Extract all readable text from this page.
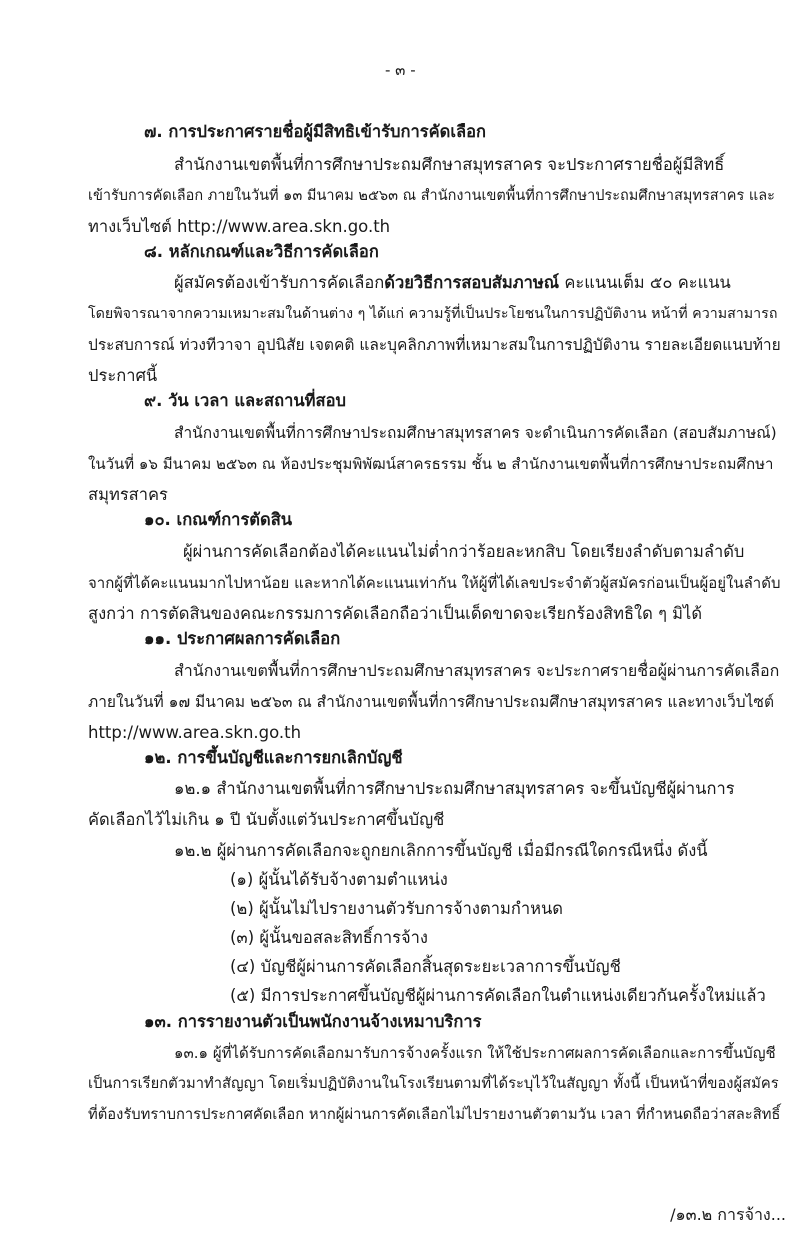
- ๓ -
๗. การประกาศรายชื่อผู้มีสิทธิเข้ารับการคัดเลือก
สำนักงานเขตพื้นที่การศึกษาประถมศึกษาสมุทรสาคร จะประกาศรายชื่อผู้มีสิทธิ์
เข้ารับการคัดเลือก ภายในวันที่ ๑๓ มีนาคม ๒๕๖๓ ณ สำนักงานเขตพื้นที่การศึกษาประถมศึกษาสมุทรสาคร และ
ทางเว็บไซต์ http://www.area.skn.go.th
๘. หลักเกณฑ์และวิธีการคัดเลือก
ผู้สมัครต้องเข้ารับการคัดเลือกด้วยวิธีการสอบสัมภาษณ์ คะแนนเต็ม ๕๐ คะแนน
โดยพิจารณาจากความเหมาะสมในด้านต่าง ๆ ได้แก่ ความรู้ที่เป็นประโยชนในการปฏิบัติงาน หน้าที่ ความสามารถ
ประสบการณ์ ท่วงทีวาจา อุปนิสัย เจตคติ และบุคลิกภาพที่เหมาะสมในการปฏิบัติงาน รายละเอียดแนบท้าย
ประกาศนี้
๙. วัน เวลา และสถานที่สอบ
สำนักงานเขตพื้นที่การศึกษาประถมศึกษาสมุทรสาคร จะดำเนินการคัดเลือก (สอบสัมภาษณ์)
ในวันที่ ๑๖ มีนาคม ๒๕๖๓ ณ ห้องประชุมพิพัฒน์สาครธรรม ชั้น ๒ สำนักงานเขตพื้นที่การศึกษาประถมศึกษา
สมุทรสาคร
๑๐. เกณฑ์การตัดสิน
ผู้ผ่านการคัดเลือกต้องได้คะแนนไม่ต่ำกว่าร้อยละหกสิบ โดยเรียงลำดับตามลำดับ
จากผู้ที่ได้คะแนนมากไปหาน้อย และหากได้คะแนนเท่ากัน ให้ผู้ที่ได้เลขประจำตัวผู้สมัครก่อนเป็นผู้อยู่ในลำดับ
สูงกว่า การตัดสินของคณะกรรมการคัดเลือกถือว่าเป็นเด็ดขาดจะเรียกร้องสิทธิใด ๆ มิได้
๑๑. ประกาศผลการคัดเลือก
สำนักงานเขตพื้นที่การศึกษาประถมศึกษาสมุทรสาคร จะประกาศรายชื่อผู้ผ่านการคัดเลือก
ภายในวันที่ ๑๗ มีนาคม ๒๕๖๓ ณ สำนักงานเขตพื้นที่การศึกษาประถมศึกษาสมุทรสาคร และทางเว็บไซต์
http://www.area.skn.go.th
๑๒. การขึ้นบัญชีและการยกเลิกบัญชี
๑๒.๑ สำนักงานเขตพื้นที่การศึกษาประถมศึกษาสมุทรสาคร จะขึ้นบัญชีผู้ผ่านการ
คัดเลือกไว้ไม่เกิน ๑ ปี นับตั้งแต่วันประกาศขึ้นบัญชี
๑๒.๒ ผู้ผ่านการคัดเลือกจะถูกยกเลิกการขึ้นบัญชี เมื่อมีกรณีใดกรณีหนึ่ง ดังนี้
(๑) ผู้นั้นได้รับจ้างตามตำแหน่ง
(๒) ผู้นั้นไม่ไปรายงานตัวรับการจ้างตามกำหนด
(๓) ผู้นั้นขอสละสิทธิ์การจ้าง
(๔) บัญชีผู้ผ่านการคัดเลือกสิ้นสุดระยะเวลาการขึ้นบัญชี
(๕) มีการประกาศขึ้นบัญชีผู้ผ่านการคัดเลือกในตำแหน่งเดียวกันครั้งใหม่แล้ว
๑๓. การรายงานตัวเป็นพนักงานจ้างเหมาบริการ
๑๓.๑ ผู้ที่ได้รับการคัดเลือกมารับการจ้างครั้งแรก ให้ใช้ประกาศผลการคัดเลือกและการขึ้นบัญชี
เป็นการเรียกตัวมาทำสัญญา โดยเริ่มปฏิบัติงานในโรงเรียนตามที่ได้ระบุไว้ในสัญญา ทั้งนี้ เป็นหน้าที่ของผู้สมัคร
ที่ต้องรับทราบการประกาศคัดเลือก หากผู้ผ่านการคัดเลือกไม่ไปรายงานตัวตามวัน เวลา ที่กำหนดถือว่าสละสิทธิ์
/๑๓.๒ การจ้าง...
